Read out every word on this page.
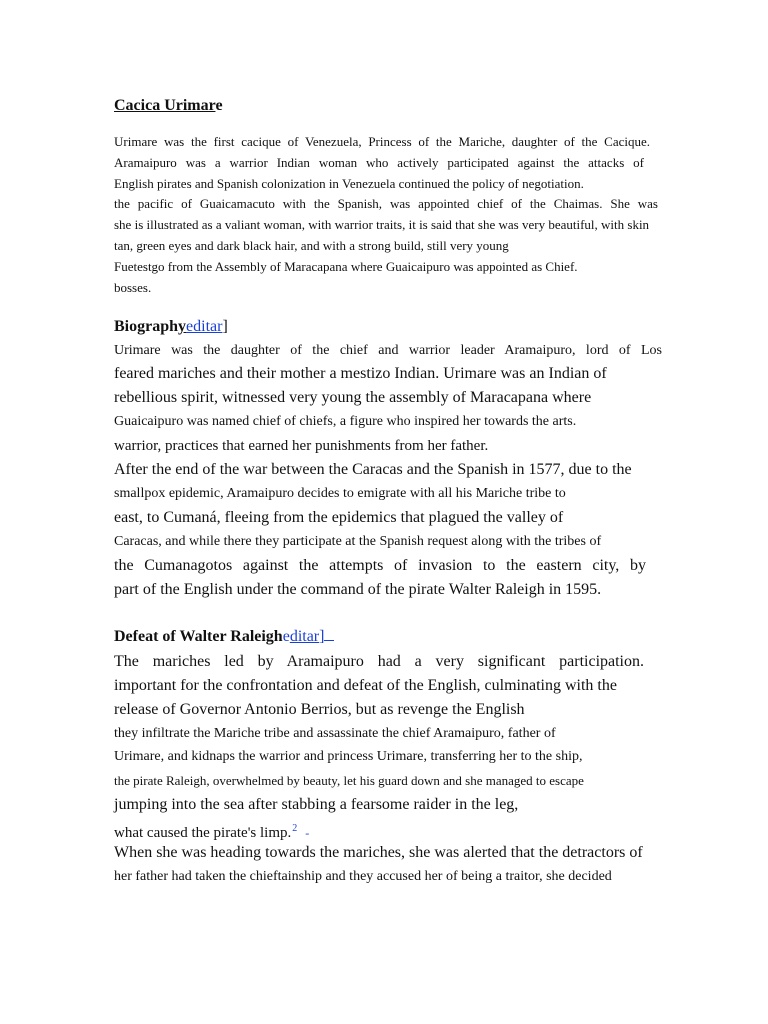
Cacica Urimare
Urimare was the first cacique of Venezuela, Princess of the Mariche, daughter of the Cacique.
Aramaipuro was a warrior Indian woman who actively participated against the attacks of
English pirates and Spanish colonization in Venezuela continued the policy of negotiation.
the pacific of Guaicamacuto with the Spanish, was appointed chief of the Chaimas. She was
she is illustrated as a valiant woman, with warrior traits, it is said that she was very beautiful, with skin
tan, green eyes and dark black hair, and with a strong build, still very young
Fuetestgo from the Assembly of Maracapana where Guaicaipuro was appointed as Chief.
bosses.
Biographyeditar]
Urimare was the daughter of the chief and warrior leader Aramaipuro, lord of Los
feared mariches and their mother a mestizo Indian. Urimare was an Indian of
rebellious spirit, witnessed very young the assembly of Maracapana where
Guaicaipuro was named chief of chiefs, a figure who inspired her towards the arts.
warrior, practices that earned her punishments from her father.
After the end of the war between the Caracas and the Spanish in 1577, due to the
smallpox epidemic, Aramaipuro decides to emigrate with all his Mariche tribe to
east, to Cumaná, fleeing from the epidemics that plagued the valley of
Caracas, and while there they participate at the Spanish request along with the tribes of
the Cumanagotos against the attempts of invasion to the eastern city, by
part of the English under the command of the pirate Walter Raleigh in 1595.
Defeat of Walter Raleigheditar]
The mariches led by Aramaipuro had a very significant participation.
important for the confrontation and defeat of the English, culminating with the
release of Governor Antonio Berrios, but as revenge the English
they infiltrate the Mariche tribe and assassinate the chief Aramaipuro, father of
Urimare, and kidnaps the warrior and princess Urimare, transferring her to the ship,
the pirate Raleigh, overwhelmed by beauty, let his guard down and she managed to escape
jumping into the sea after stabbing a fearsome raider in the leg,
what caused the pirate's limp.$^2$ -
When she was heading towards the mariches, she was alerted that the detractors of
her father had taken the chieftainship and they accused her of being a traitor, she decided
